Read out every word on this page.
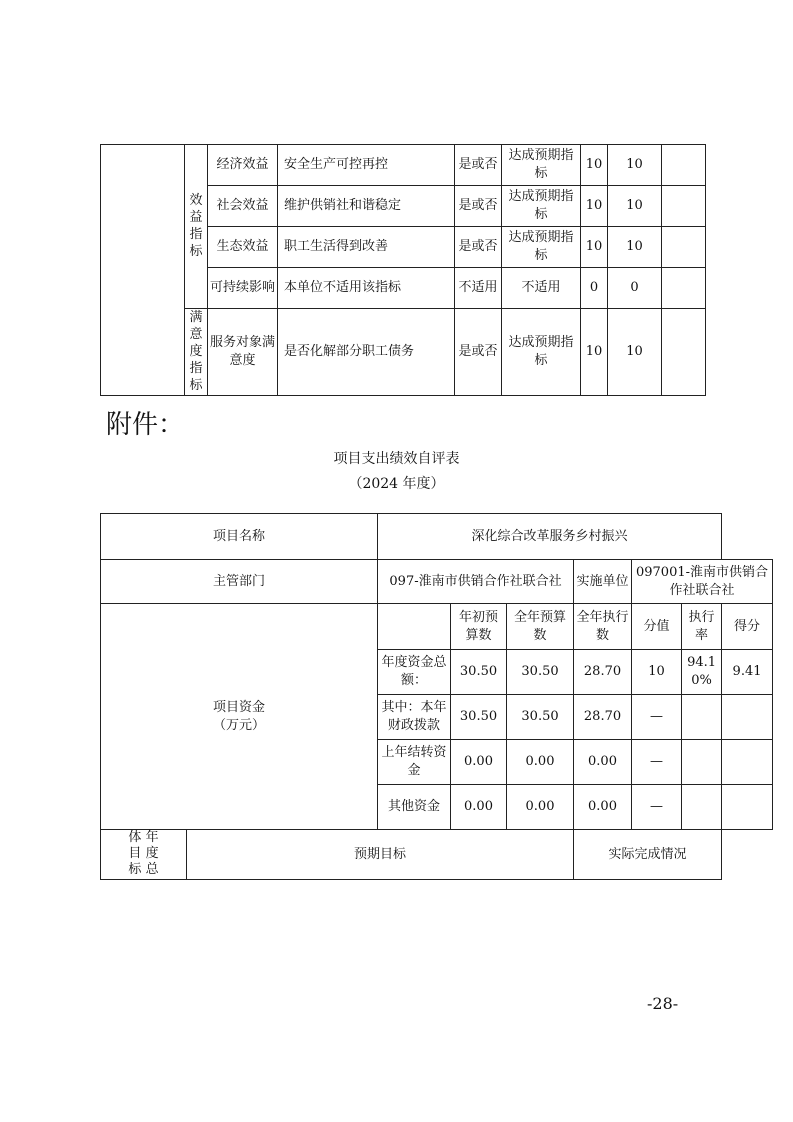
	效益指标	经济效益	安全生产可控再控	是或否	达成预期指标	10	10	
		社会效益	维护供销社和谐稳定	是或否	达成预期指标	10	10	
		生态效益	职工生活得到改善	是或否	达成预期指标	10	10	
		可持续影响	本单位不适用该指标	不适用	不适用	0	0	
	满意度指标	服务对象满意度	是否化解部分职工债务	是或否	达成预期指标	10	10	
附件：
项目支出绩效自评表
（2024 年度）
项目名称		深化综合改革服务乡村振兴						
主管部门		097-淮南市供销合作社联合社			实施单位	097001-淮南市供销合作社联合社		

项目资金
（万元）			年初预算数	全年预算数	全年执行数	分值	执行率	得分
		年度资金总额：	30.50	30.50	28.70	10	94.10%	9.41
		其中：本年财政拨款	30.50	30.50	28.70	—		
		上年结转资金	0.00	0.00	0.00	—		
		其他资金	0.00	0.00	0.00	—		
体目标 年度总	预期目标				实际完成情况			
-28-
